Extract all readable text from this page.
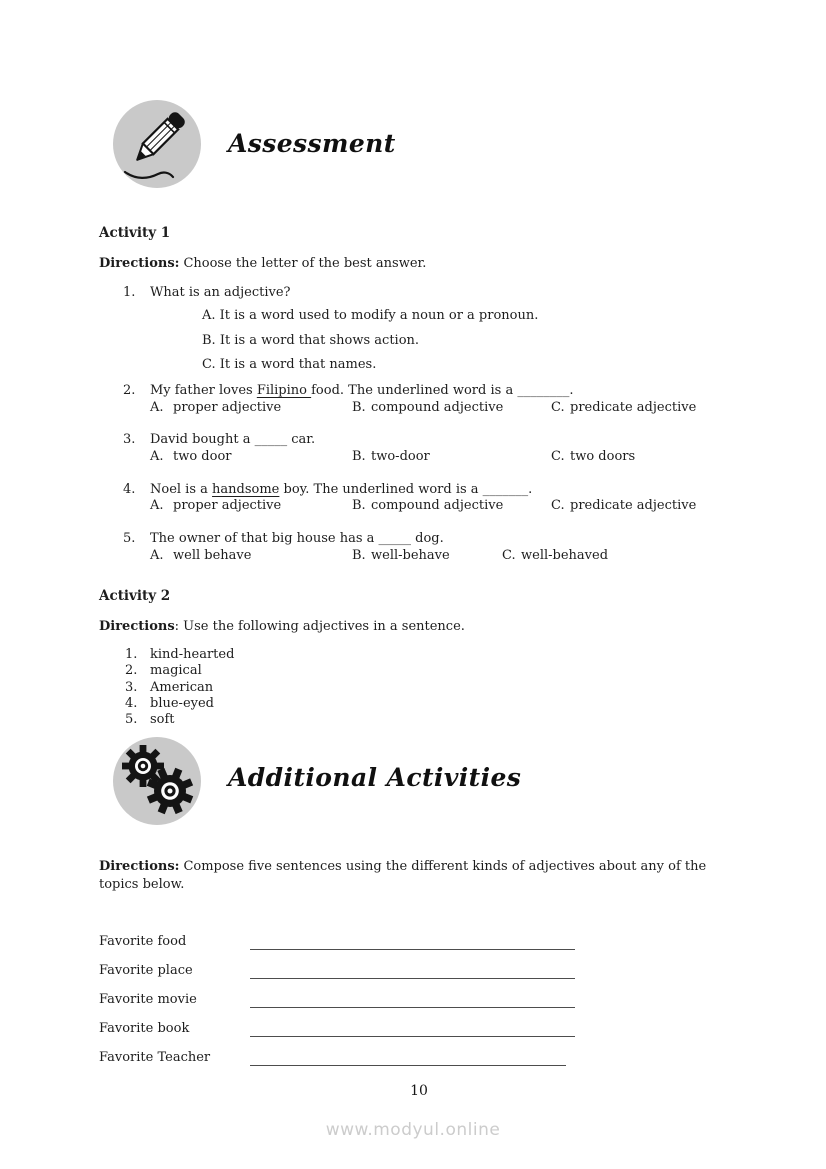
Assessment
Activity 1
Directions: Choose the letter of the best answer.
1.	What is an adjective?
A. It is a word used to modify a noun or a pronoun.
B. It is a word that shows action.
C. It is a word that names.
2.	My father loves Filipino food. The underlined word is a ________.
A. proper adjective	B. compound adjective	C. predicate adjective
3.	David bought a _____ car.
A. two door	B. two-door	C. two doors
4.	Noel is a handsome boy. The underlined word is a _______.
A. proper adjective	B. compound adjective	C. predicate adjective
5.	The owner of that big house has a _____ dog.
A. well behave	B. well-behave	C. well-behaved
Activity 2
Directions: Use the following adjectives in a sentence.
1. kind-hearted
2. magical
3. American
4. blue-eyed
5. soft
Additional Activities
Directions: Compose five sentences using the different kinds of adjectives about any of the topics below.
Favorite food
Favorite place
Favorite movie
Favorite book
Favorite Teacher
10
www.modyul.online
